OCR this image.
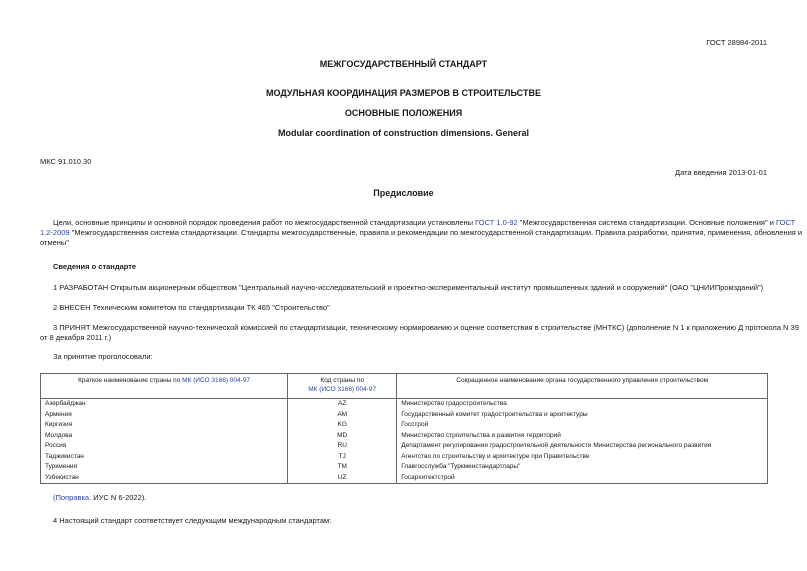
ГОСТ 28984-2011
МЕЖГОСУДАРСТВЕННЫЙ СТАНДАРТ
МОДУЛЬНАЯ КООРДИНАЦИЯ РАЗМЕРОВ В СТРОИТЕЛЬСТВЕ
ОСНОВНЫЕ ПОЛОЖЕНИЯ
Modular coordination of construction dimensions. General
МКС 91.010.30
Дата введения 2013-01-01
Предисловие
Цели, основные принципы и основной порядок проведения работ по межгосударственной стандартизации установлены ГОСТ 1.0-92 "Межгосударственная система стандартизации. Основные положения" и ГОСТ
1.2-2009 "Межгосударственная система стандартизации. Стандарты межгосударственные, правила и рекомендации по межгосударственной стандартизации. Правила разработки, принятия, применения, обновления и
отмены"
Сведения о стандарте
1 РАЗРАБОТАН Открытым акционерным обществом "Центральный научно-исследовательский и проектно-экспериментальный институт промышленных зданий и сооружений" (ОАО "ЦНИИПромзданий")
2 ВНЕСЕН Техническим комитетом по стандартизации ТК 465 "Строительство"
3 ПРИНЯТ Межгосударственной научно-технической комиссией по стандартизации, техническому нормированию и оценке соответствия в строительстве (МНТКС) (дополнение N 1 к приложению Д протокола N 39
от 8 декабря 2011 г.)
За принятие проголосовали:
Краткое наименование страны по МК (ИСО 3166) 004-97	Код страны по
МК (ИСО 3166) 004-97	Сокращенное наименование органа государственного управления строительством
Азербайджан	AZ	Министерство градостроительства
Армения	AM	Государственный комитет градостроительства и архитектуры
Киргизия	KG	Госстрой
Молдова	MD	Министерство строительства и развития территорий
Россия	RU	Департамент регулирования градостроительной деятельности Министерства регионального развития
Таджикистан	TJ	Агентство по строительству и архитектуре при Правительстве
Туркмения	TM	Главгосслужба "Туркменстандартлары"
Узбекистан	UZ	Госархитектстрой
(Поправка. ИУС N 6-2022).
4 Настоящий стандарт соответствует следующим международным стандартам:
